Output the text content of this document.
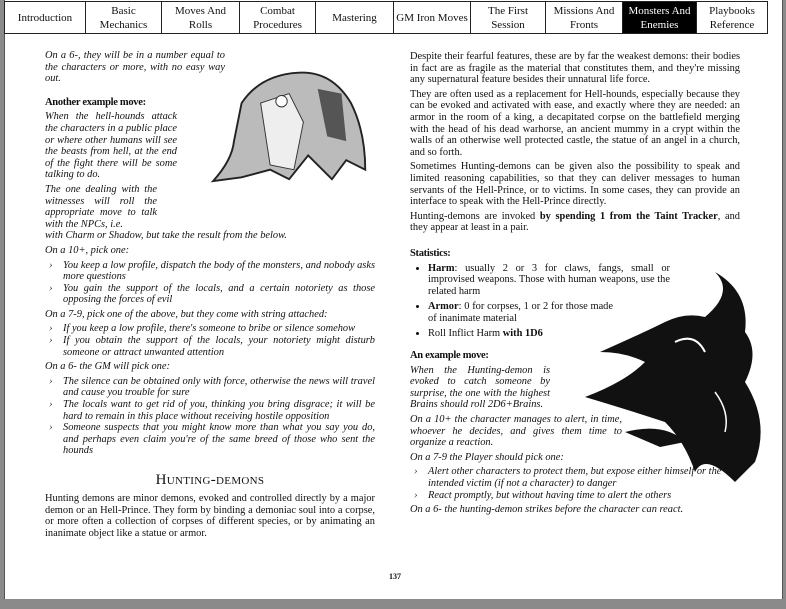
Introduction
Basic Mechanics
Moves And Rolls
Combat Procedures
Mastering	GM Iron Moves
The First Session
Missions And Fronts
Monsters And Enemies
Playbooks Reference

On a 6-, they will be in a number equal to the characters or more, with no easy way out.

Another example move:

When the hell-hounds attack the characters in a public place or where other humans will see the beasts from hell, at the end of the fight there will be some talking to do.

The one dealing with the witnesses will roll the appropriate move to talk with the NPCs, i.e.

with Charm or Shadow, but take the result from the below.

On a 10+, pick one:

› You keep a low profile, dispatch the body of the monsters, and nobody asks more questions
› You gain the support of the locals, and a certain notoriety as those opposing the forces of evil

On a 7-9, pick one of the above, but they come with string attached:

› If you keep a low profile, there's someone to bribe or silence somehow
› If you obtain the support of the locals, your notoriety might disturb someone or attract unwanted attention

On a 6- the GM will pick one:

› The silence can be obtained only with force, otherwise the news will travel and cause you trouble for sure
› The locals want to get rid of you, thinking you bring disgrace; it will be hard to remain in this place without receiving hostile opposition
› Someone suspects that you might know more than what you say you do, and perhaps even claim you're of the same breed of those who sent the hounds
Hunting-demons

Hunting demons are minor demons, evoked and controlled directly by a major demon or an Hell-Prince. They form by binding a demoniac soul into a corpse, or more often a collection of corpses of different species, or by animating an inanimate object like a statue or armor.

Despite their fearful features, these are by far the weakest demons: their bodies in fact are as fragile as the material that constitutes them, and they're missing any supernatural feature besides their unnatural life force.

They are often used as a replacement for Hell-hounds, especially because they can be evoked and activated with ease, and exactly where they are needed: an armor in the room of a king, a decapitated corpse on the battlefield merging with the head of his dead warhorse, an ancient mummy in a crypt within the walls of an otherwise well protected castle, the statue of an angel in a church, and so forth.

Sometimes Hunting-demons can be given also the possibility to speak and limited reasoning capabilities, so that they can deliver messages to human servants of the Hell-Prince, or to victims. In some cases, they can provide an interface to speak with the Hell-Prince directly.

Hunting-demons are invoked by spending 1 from the Taint Tracker, and they appear at least in a pair.

Statistics:
• Harm: usually 2 or 3 for claws, fangs, small or improvised weapons. Those with human weapons, use the related harm
• Armor: 0 for corpses, 1 or 2 for those made of inanimate material
• Roll Inflict Harm with 1D6
An example move:

When the Hunting-demon is evoked to catch someone by surprise, the one with the highest Brains should roll 2D6+Brains.

On a 10+ the character manages to alert, in time, whoever he decides, and gives them time to organize a reaction.

On a 7-9 the Player should pick one:

› Alert other characters to protect them, but expose either himself or the intended victim (if not a character) to danger
› React promptly, but without having time to alert the others

On a 6- the hunting-demon strikes before the character can react.

137
